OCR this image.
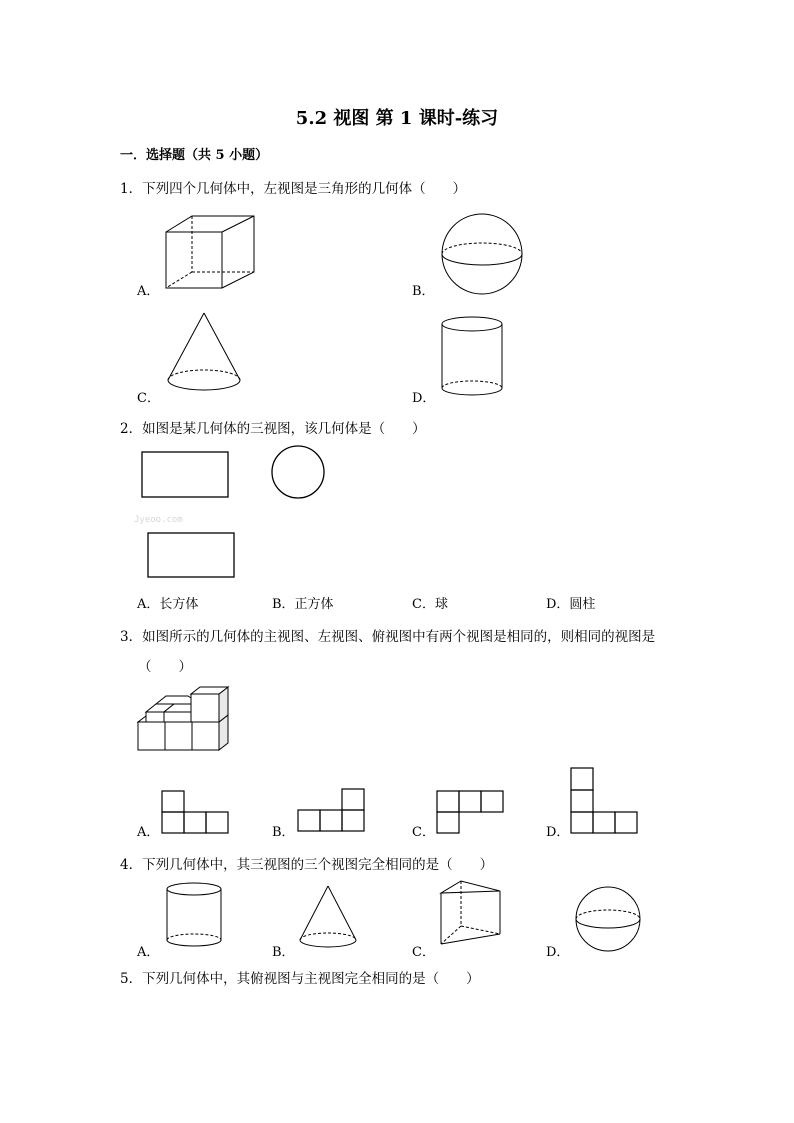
5.2 视图 第 1 课时-练习
一．选择题（共 5 小题）
1．下列四个几何体中，左视图是三角形的几何体（　　）
A．	B．
C．	D．
2．如图是某几何体的三视图，该几何体是（　　）
Jyeoo.com
A．长方体	B．正方体	C．球	D．圆柱
3．如图所示的几何体的主视图、左视图、俯视图中有两个视图是相同的，则相同的视图是
（　　）
A．	B．	C．	D．
4．下列几何体中，其三视图的三个视图完全相同的是（　　）
A．	B．	C．	D．
5．下列几何体中，其俯视图与主视图完全相同的是（　　）
